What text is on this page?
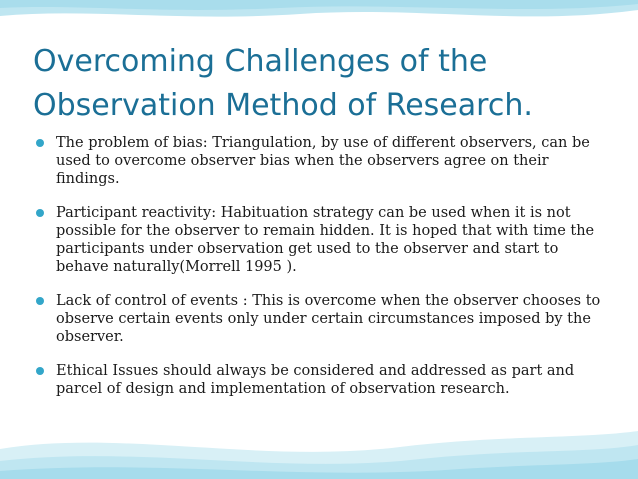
Overcoming Challenges of the Observation Method of Research.
The problem of bias: Triangulation, by use of different observers, can be used to overcome observer bias when the observers agree on their findings.
Participant reactivity: Habituation strategy can be used when it is not possible for the observer to remain hidden. It is hoped that with time the participants under observation get used to the observer and start to behave naturally(Morrell 1995 ).
Lack of control of events : This is overcome when the observer chooses to observe certain events only under certain circumstances imposed by the observer.
Ethical Issues should always be considered and addressed as part and parcel of design and implementation of observation research.
